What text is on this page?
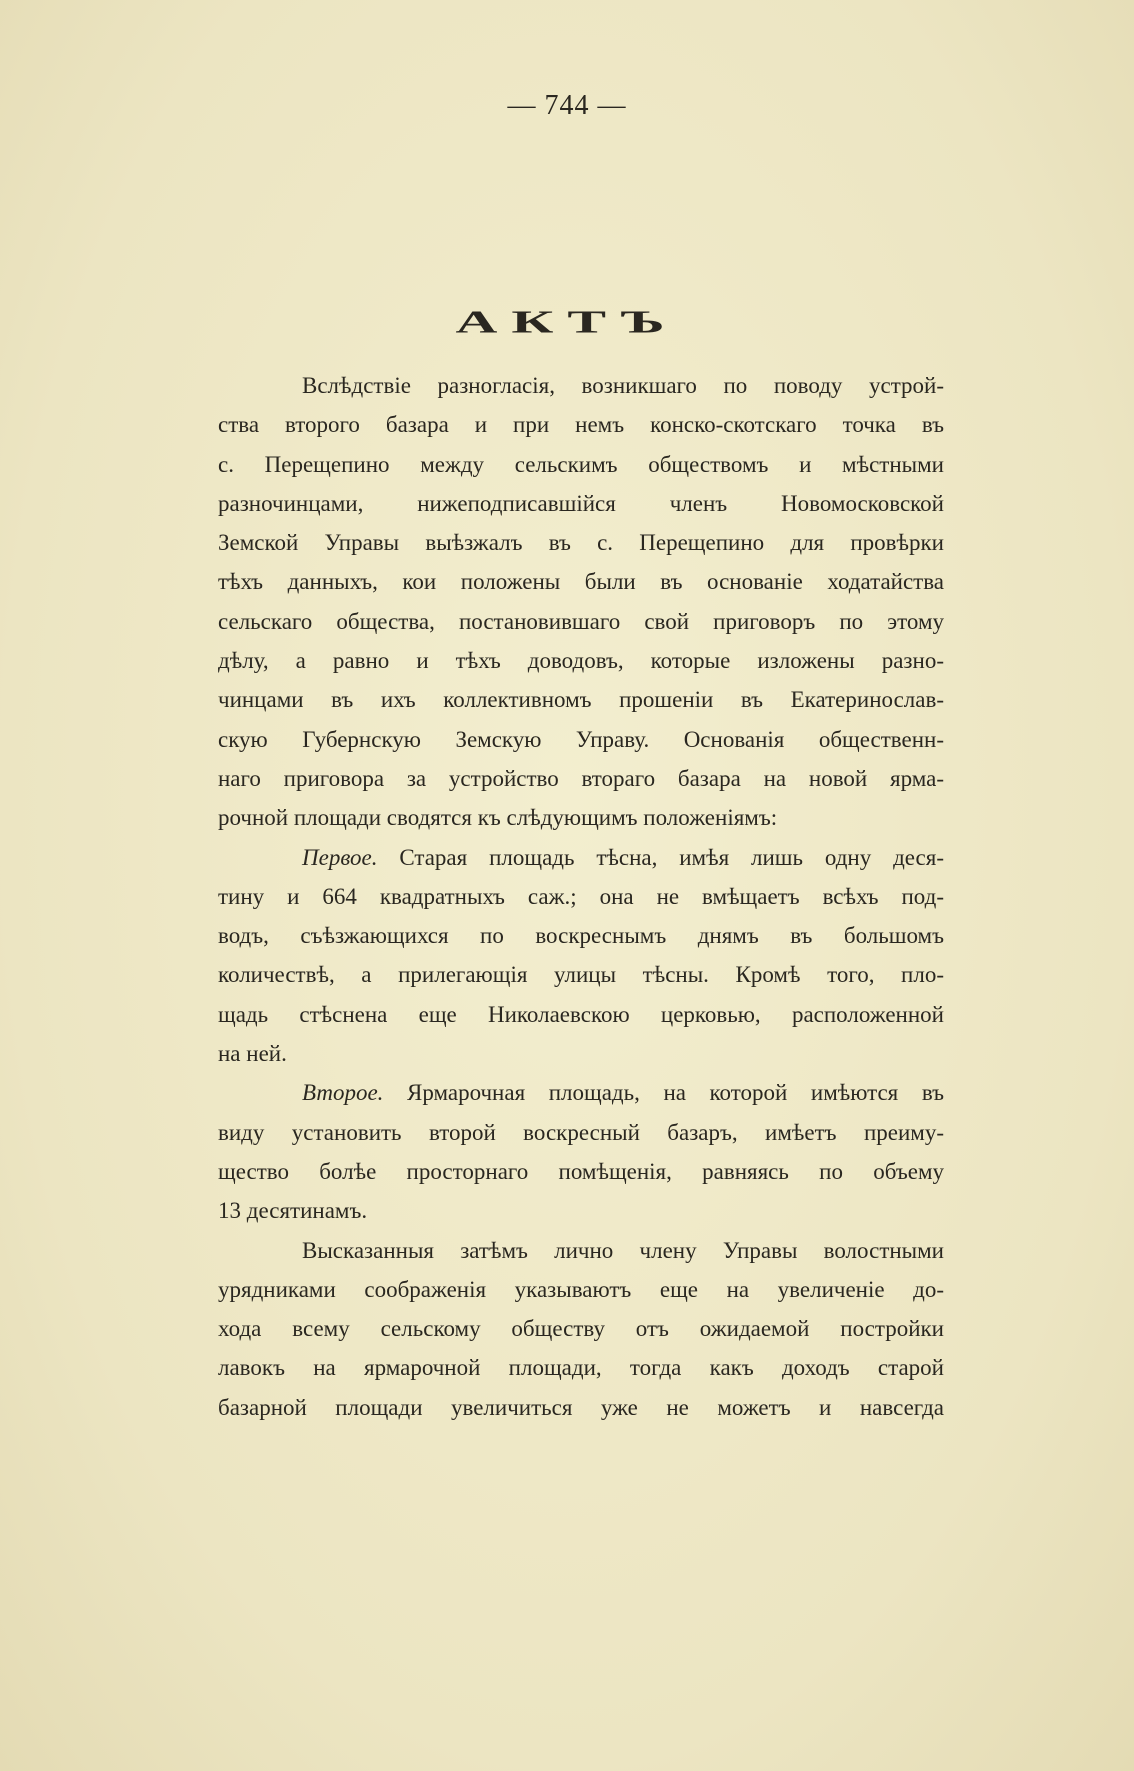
— 744 —
АКТЪ
Вслѣдствіе разногласія, возникшаго по поводу устрой-
ства второго базара и при немъ конско-скотскаго точка въ
с. Перещепино между сельскимъ обществомъ и мѣстными
разночинцами, нижеподписавшійся членъ Новомосковской
Земской Управы выѣзжалъ въ с. Перещепино для провѣрки
тѣхъ данныхъ, кои положены были въ основаніе ходатайства
сельскаго общества, постановившаго свой приговоръ по этому
дѣлу, а равно и тѣхъ доводовъ, которые изложены разно-
чинцами въ ихъ коллективномъ прошеніи въ Екатеринослав-
скую Губернскую Земскую Управу. Основанія общественн-
наго приговора за устройство втораго базара на новой ярма-
рочной площади сводятся къ слѣдующимъ положеніямъ:
Первое. Старая площадь тѣсна, имѣя лишь одну деся-
тину и 664 квадратныхъ саж.; она не вмѣщаетъ всѣхъ под-
водъ, съѣзжающихся по воскреснымъ днямъ въ большомъ
количествѣ, а прилегающія улицы тѣсны. Кромѣ того, пло-
щадь стѣснена еще Николаевскою церковью, расположенной
на ней.
Второе. Ярмарочная площадь, на которой имѣются въ
виду установить второй воскресный базаръ, имѣетъ преиму-
щество болѣе просторнаго помѣщенія, равняясь по объему
13 десятинамъ.
Высказанныя затѣмъ лично члену Управы волостными
урядниками соображенія указываютъ еще на увеличеніе до-
хода всему сельскому обществу отъ ожидаемой постройки
лавокъ на ярмарочной площади, тогда какъ доходъ старой
базарной площади увеличиться уже не можетъ и навсегда
